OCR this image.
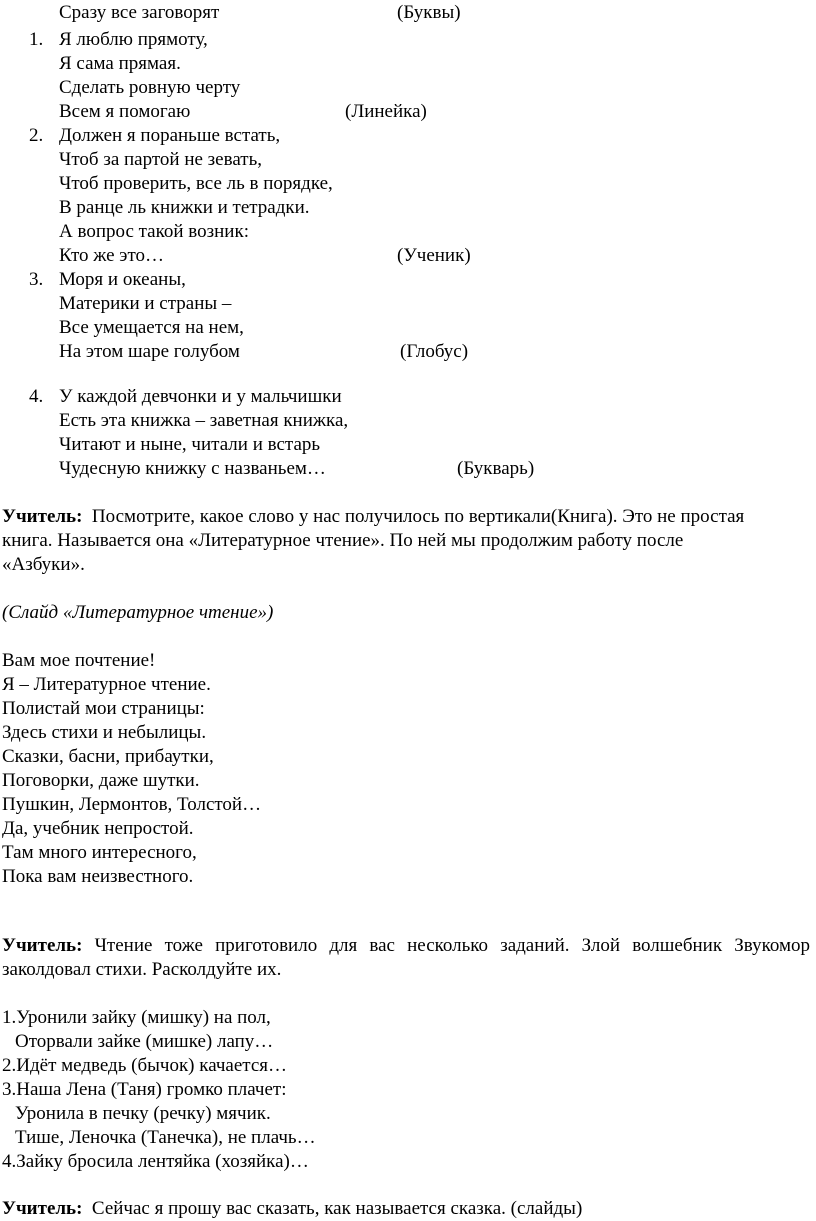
Сразу все заговорят	(Буквы)
1. Я люблю прямоту,
Я сама прямая.
Сделать ровную черту
Всем я помогаю	(Линейка)
2. Должен я пораньше встать,
Чтоб за партой не зевать,
Чтоб проверить, все ль в порядке,
В ранце ль книжки и тетрадки.
А вопрос такой возник:
Кто же это…	(Ученик)
3. Моря и океаны,
Материки и страны –
Все умещается на нем,
На этом шаре голубом	(Глобус)
4. У каждой девчонки и у мальчишки
Есть эта книжка – заветная книжка,
Читают и ныне, читали и встарь
Чудесную книжку с названьем…	(Букварь)
Учитель: Посмотрите, какое слово у нас получилось по вертикали(Книга). Это не простая
книга. Называется она «Литературное чтение». По ней мы продолжим работу после
«Азбуки».
(Слайд «Литературное чтение»)
Вам мое почтение!
Я – Литературное чтение.
Полистай мои страницы:
Здесь стихи и небылицы.
Сказки, басни, прибаутки,
Поговорки, даже шутки.
Пушкин, Лермонтов, Толстой…
Да, учебник непростой.
Там много интересного,
Пока вам неизвестного.
Учитель: Чтение тоже приготовило для вас несколько заданий. Злой волшебник Звукомор
заколдовал стихи. Расколдуйте их.
1.Уронили зайку (мишку) на пол,
Оторвали зайке (мишке) лапу…
2.Идёт медведь (бычок) качается…
3.Наша Лена (Таня) громко плачет:
Уронила в печку (речку) мячик.
Тише, Леночка (Танечка), не плачь…
4.Зайку бросила лентяйка (хозяйка)…
Учитель: Сейчас я прошу вас сказать, как называется сказка. (слайды)
